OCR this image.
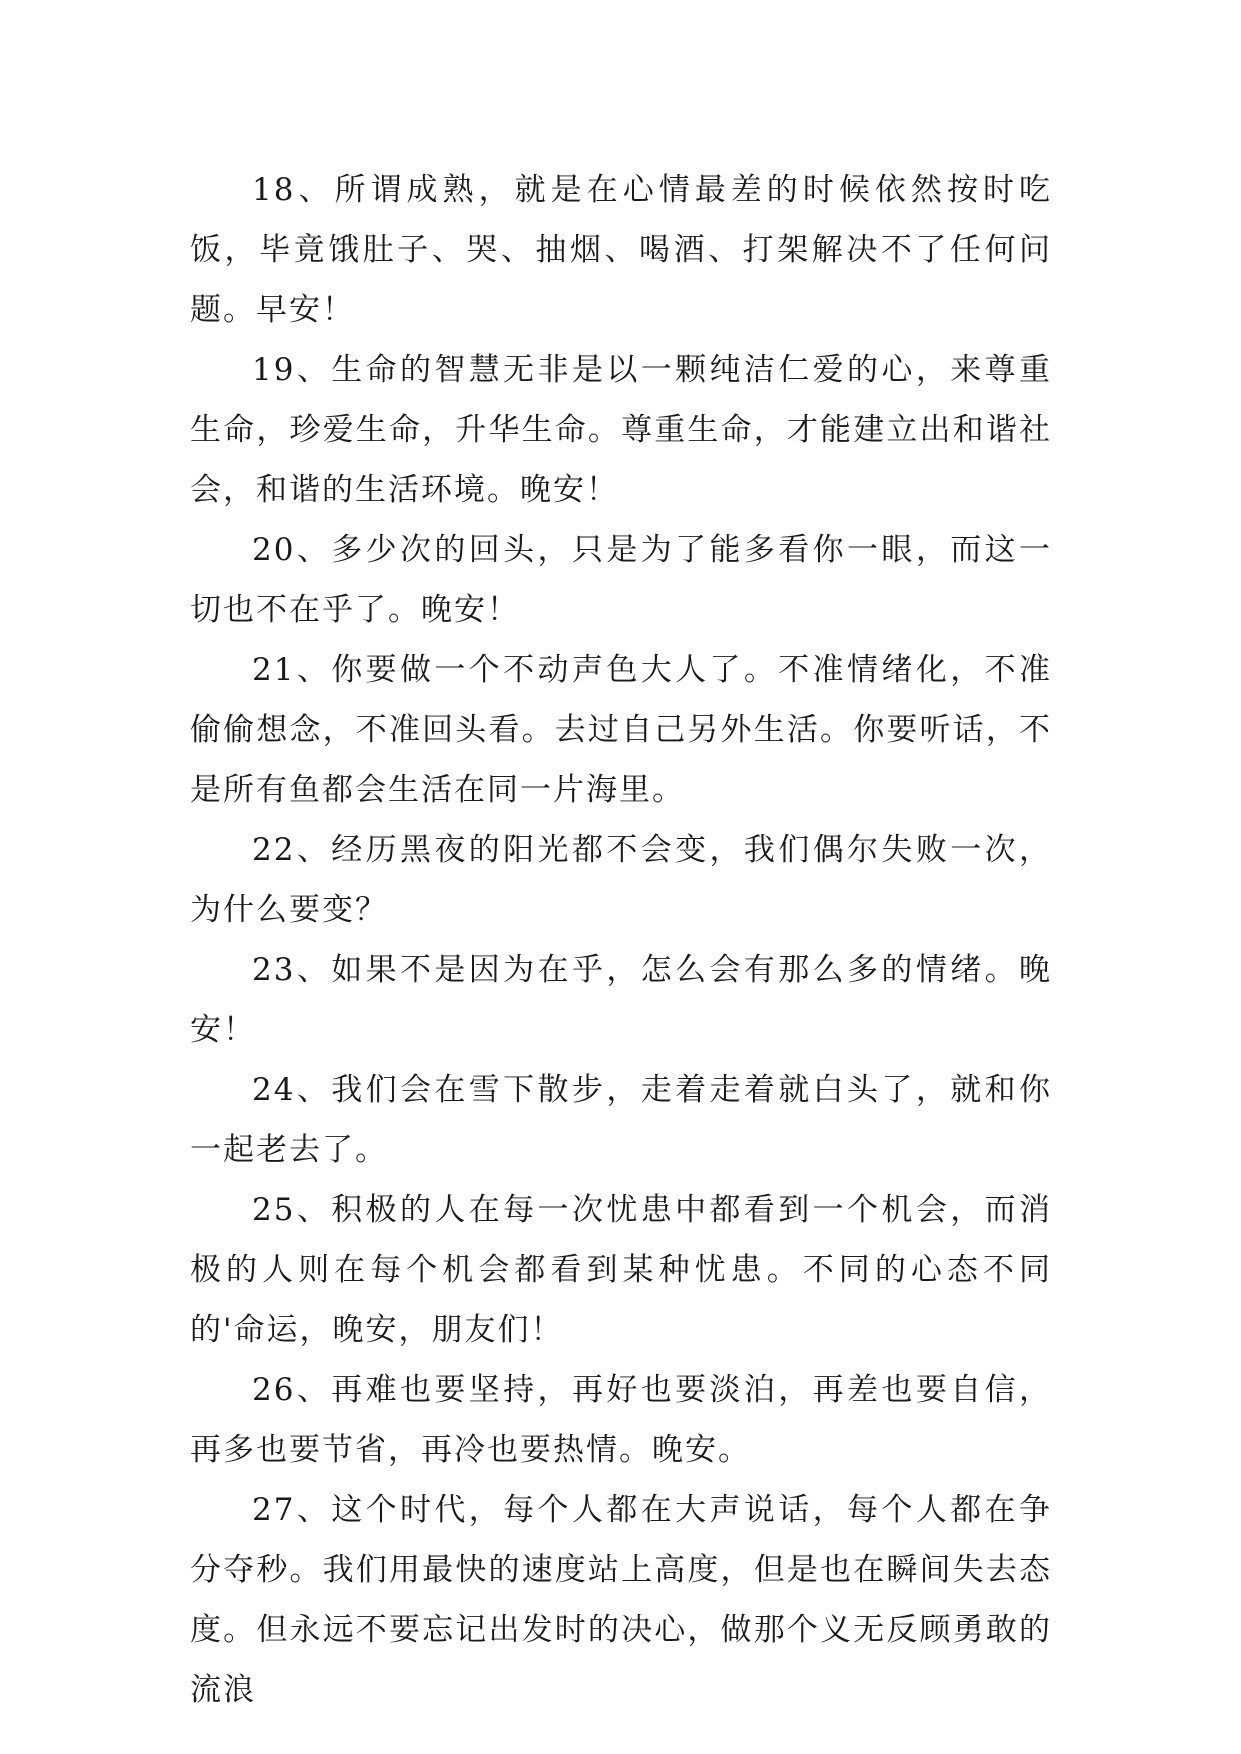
18、所谓成熟，就是在心情最差的时候依然按时吃饭，毕竟饿肚子、哭、抽烟、喝酒、打架解决不了任何问题。早安！

19、生命的智慧无非是以一颗纯洁仁爱的心，来尊重生命，珍爱生命，升华生命。尊重生命，才能建立出和谐社会，和谐的生活环境。晚安！

20、多少次的回头，只是为了能多看你一眼，而这一切也不在乎了。晚安！

21、你要做一个不动声色大人了。不准情绪化，不准偷偷想念，不准回头看。去过自己另外生活。你要听话，不是所有鱼都会生活在同一片海里。

22、经历黑夜的阳光都不会变，我们偶尔失败一次，为什么要变？

23、如果不是因为在乎，怎么会有那么多的情绪。晚安！

24、我们会在雪下散步，走着走着就白头了，就和你一起老去了。

25、积极的人在每一次忧患中都看到一个机会，而消极的人则在每个机会都看到某种忧患。不同的心态不同的'命运，晚安，朋友们！

26、再难也要坚持，再好也要淡泊，再差也要自信，再多也要节省，再冷也要热情。晚安。

27、这个时代，每个人都在大声说话，每个人都在争分夺秒。我们用最快的速度站上高度，但是也在瞬间失去态度。但永远不要忘记出发时的决心，做那个义无反顾勇敢的流浪
